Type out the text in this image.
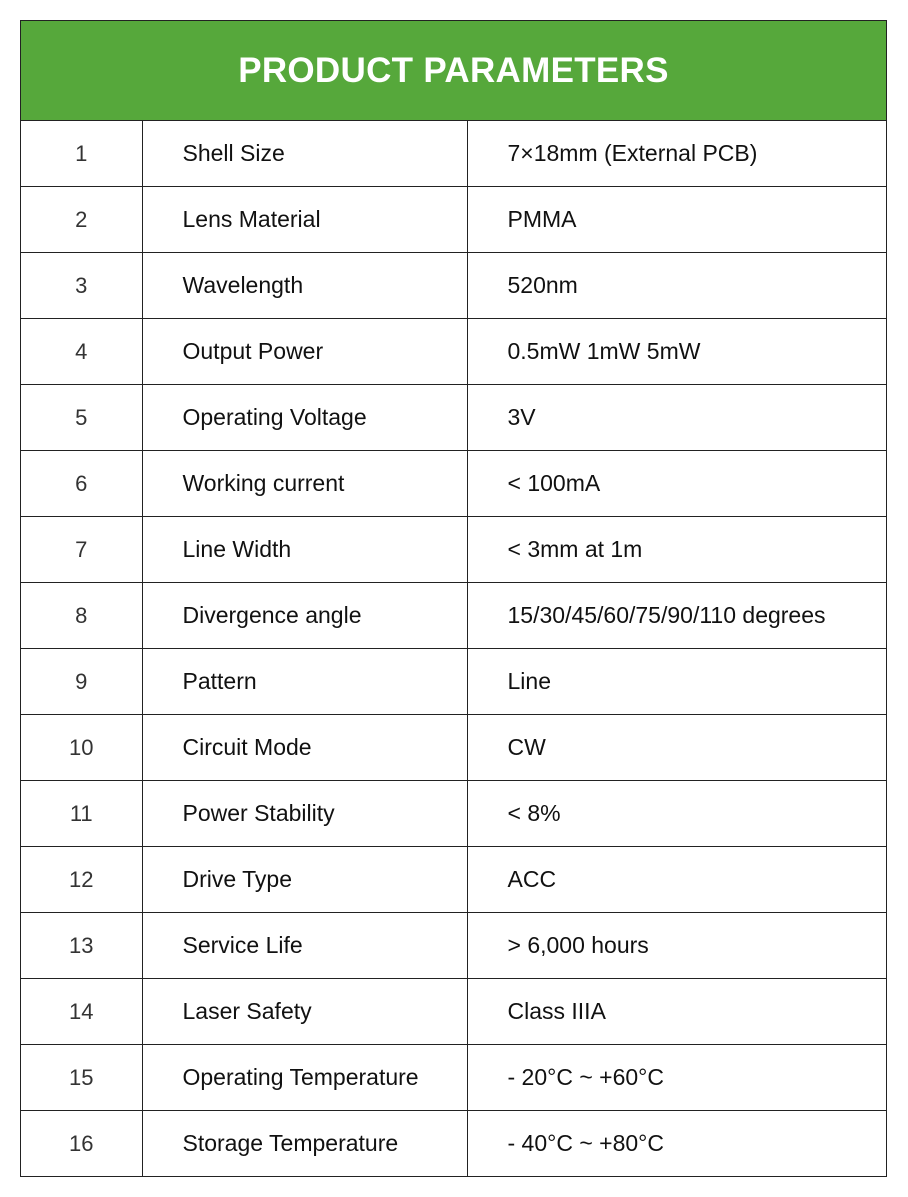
PRODUCT PARAMETERS
1	Shell Size	7×18mm (External PCB)
2	Lens Material	PMMA
3	Wavelength	520nm
4	Output Power	0.5mW 1mW 5mW
5	Operating Voltage	3V
6	Working current	< 100mA
7	Line Width	< 3mm at 1m
8	Divergence angle	15/30/45/60/75/90/110 degrees
9	Pattern	Line
10	Circuit Mode	CW
11	Power Stability	< 8%
12	Drive Type	ACC
13	Service Life	> 6,000 hours
14	Laser Safety	Class IIIA
15	Operating Temperature	- 20°C ~ +60°C
16	Storage Temperature	- 40°C ~ +80°C
